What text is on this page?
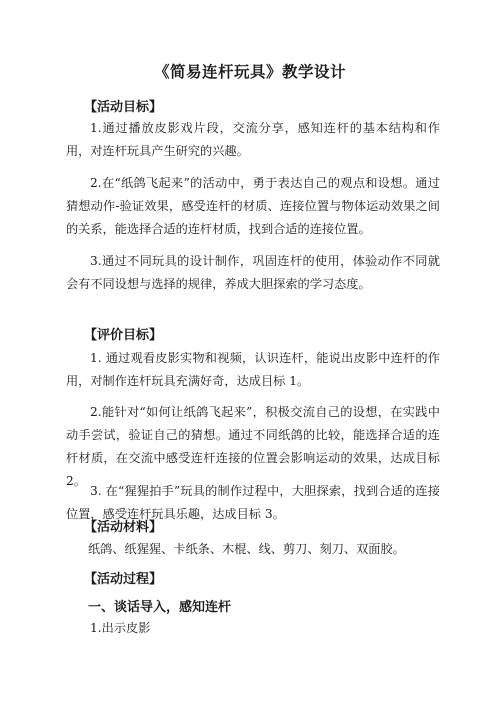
《简易连杆玩具》教学设计
【活动目标】
1.通过播放皮影戏片段，交流分享，感知连杆的基本结构和作用，对连杆玩具产生研究的兴趣。
2.在“纸鸽飞起来”的活动中，勇于表达自己的观点和设想。通过猜想动作-验证效果，感受连杆的材质、连接位置与物体运动效果之间的关系，能选择合适的连杆材质，找到合适的连接位置。
3.通过不同玩具的设计制作，巩固连杆的使用，体验动作不同就会有不同设想与选择的规律，养成大胆探索的学习态度。
【评价目标】
1. 通过观看皮影实物和视频，认识连杆，能说出皮影中连杆的作用，对制作连杆玩具充满好奇，达成目标 1。
2.能针对“如何让纸鸽飞起来”，积极交流自己的设想，在实践中动手尝试，验证自己的猜想。通过不同纸鸽的比较，能选择合适的连杆材质，在交流中感受连杆连接的位置会影响运动的效果，达成目标 2。
3. 在“猩猩拍手”玩具的制作过程中，大胆探索，找到合适的连接位置，感受连杆玩具乐趣，达成目标 3。
【活动材料】
纸鸽、纸猩猩、卡纸条、木棍、线、剪刀、刻刀、双面胶。
【活动过程】
一、谈话导入，感知连杆
1.出示皮影
